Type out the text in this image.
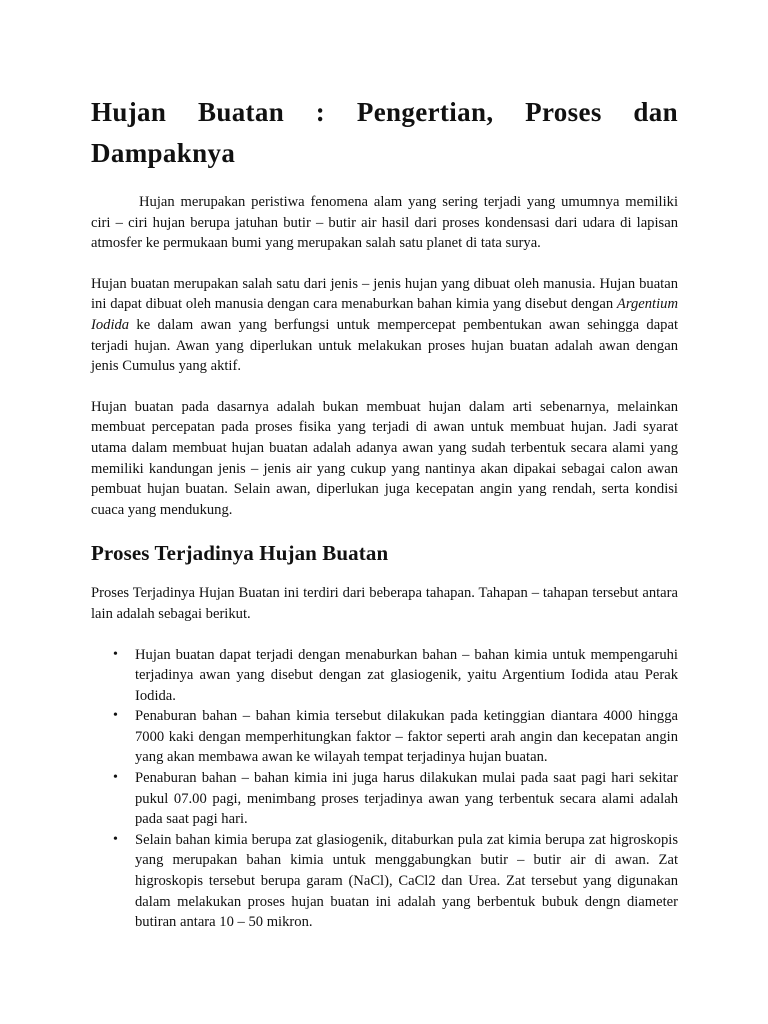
Hujan Buatan : Pengertian, Proses dan Dampaknya

Hujan merupakan peristiwa fenomena alam yang sering terjadi yang umumnya memiliki ciri – ciri hujan berupa jatuhan butir – butir air hasil dari proses kondensasi dari udara di lapisan atmosfer ke permukaan bumi yang merupakan salah satu planet di tata surya.

Hujan buatan merupakan salah satu dari jenis – jenis hujan yang dibuat oleh manusia. Hujan buatan ini dapat dibuat oleh manusia dengan cara menaburkan bahan kimia yang disebut dengan Argentium Iodida ke dalam awan yang berfungsi untuk mempercepat pembentukan awan sehingga dapat terjadi hujan. Awan yang diperlukan untuk melakukan proses hujan buatan adalah awan dengan jenis Cumulus yang aktif.

Hujan buatan pada dasarnya adalah bukan membuat hujan dalam arti sebenarnya, melainkan membuat percepatan pada proses fisika yang terjadi di awan untuk membuat hujan. Jadi syarat utama dalam membuat hujan buatan adalah adanya awan yang sudah terbentuk secara alami yang memiliki kandungan jenis – jenis air yang cukup yang nantinya akan dipakai sebagai calon awan pembuat hujan buatan. Selain awan, diperlukan juga kecepatan angin yang rendah, serta kondisi cuaca yang mendukung.

Proses Terjadinya Hujan Buatan

Proses Terjadinya Hujan Buatan ini terdiri dari beberapa tahapan. Tahapan – tahapan tersebut antara lain adalah sebagai berikut.

• Hujan buatan dapat terjadi dengan menaburkan bahan – bahan kimia untuk mempengaruhi terjadinya awan yang disebut dengan zat glasiogenik, yaitu Argentium Iodida atau Perak Iodida.
• Penaburan bahan – bahan kimia tersebut dilakukan pada ketinggian diantara 4000 hingga 7000 kaki dengan memperhitungkan faktor – faktor seperti arah angin dan kecepatan angin yang akan membawa awan ke wilayah tempat terjadinya hujan buatan.
• Penaburan bahan – bahan kimia ini juga harus dilakukan mulai pada saat pagi hari sekitar pukul 07.00 pagi, menimbang proses terjadinya awan yang terbentuk secara alami adalah pada saat pagi hari.
• Selain bahan kimia berupa zat glasiogenik, ditaburkan pula zat kimia berupa zat higroskopis yang merupakan bahan kimia untuk menggabungkan butir – butir air di awan. Zat higroskopis tersebut berupa garam (NaCl), CaCl2 dan Urea. Zat tersebut yang digunakan dalam melakukan proses hujan buatan ini adalah yang berbentuk bubuk dengn diameter butiran antara 10 – 50 mikron.
